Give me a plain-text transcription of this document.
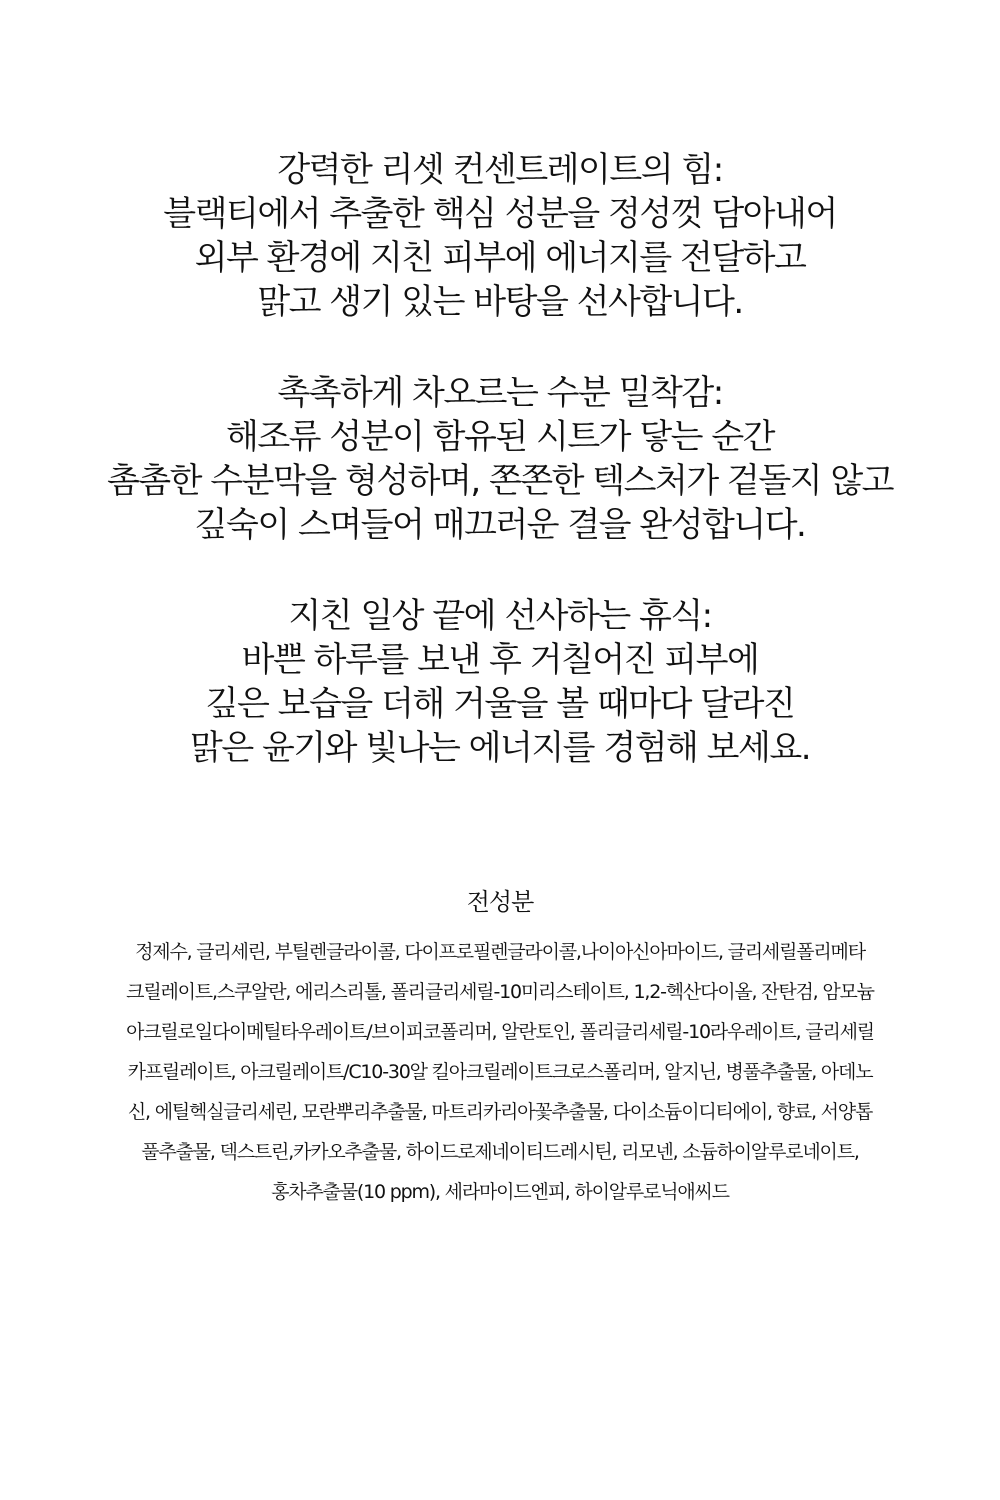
강력한 리셋 컨센트레이트의 힘:
블랙티에서 추출한 핵심 성분을 정성껏 담아내어
외부 환경에 지친 피부에 에너지를 전달하고
맑고 생기 있는 바탕을 선사합니다.
촉촉하게 차오르는 수분 밀착감:
해조류 성분이 함유된 시트가 닿는 순간
촘촘한 수분막을 형성하며, 쫀쫀한 텍스처가 겉돌지 않고
깊숙이 스며들어 매끄러운 결을 완성합니다.
지친 일상 끝에 선사하는 휴식:
바쁜 하루를 보낸 후 거칠어진 피부에
깊은 보습을 더해 거울을 볼 때마다 달라진
맑은 윤기와 빛나는 에너지를 경험해 보세요.
전성분
정제수, 글리세린, 부틸렌글라이콜, 다이프로필렌글라이콜,나이아신아마이드, 글리세릴폴리메타
크릴레이트,스쿠알란, 에리스리톨, 폴리글리세릴-10미리스테이트, 1,2-헥산다이올, 잔탄검, 암모늄
아크릴로일다이메틸타우레이트/브이피코폴리머, 알란토인, 폴리글리세릴-10라우레이트, 글리세릴
카프릴레이트, 아크릴레이트/C10-30알 킬아크릴레이트크로스폴리머, 알지닌, 병풀추출물, 아데노
신, 에틸헥실글리세린, 모란뿌리추출물, 마트리카리아꽃추출물, 다이소듐이디티에이, 향료, 서양톱
풀추출물, 덱스트린,카카오추출물, 하이드로제네이티드레시틴, 리모넨, 소듐하이알루로네이트,
홍차추출물(10 ppm), 세라마이드엔피, 하이알루로닉애씨드
